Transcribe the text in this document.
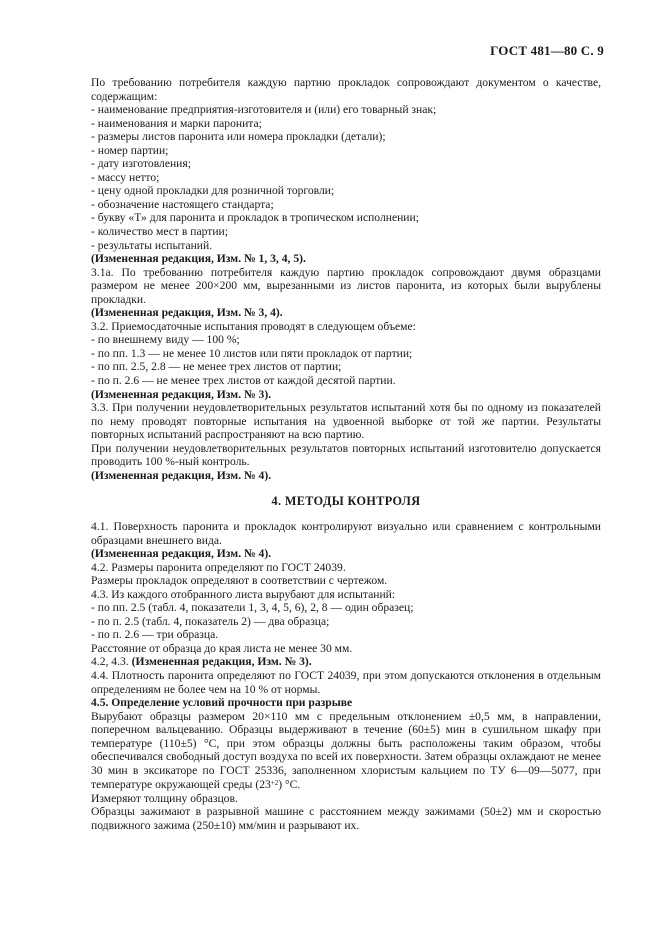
ГОСТ 481—80 С. 9

По требованию потребителя каждую партию прокладок сопровождают документом о качестве, содержащим:

- наименование предприятия-изготовителя и (или) его товарный знак;

- наименования и марки паронита;

- размеры листов паронита или номера прокладки (детали);

- номер партии;

- дату изготовления;

- массу нетто;

- цену одной прокладки для розничной торговли;

- обозначение настоящего стандарта;

- букву «Т» для паронита и прокладок в тропическом исполнении;

- количество мест в партии;

- результаты испытаний.

(Измененная редакция, Изм. № 1, 3, 4, 5).

3.1а. По требованию потребителя каждую партию прокладок сопровождают двумя образцами размером не менее 200×200 мм, вырезанными из листов паронита, из которых были вырублены прокладки.

(Измененная редакция, Изм. № 3, 4).

3.2. Приемосдаточные испытания проводят в следующем объеме:

- по внешнему виду — 100 %;

- по пп. 1.3 — не менее 10 листов или пяти прокладок от партии;

- по пп. 2.5, 2.8 — не менее трех листов от партии;

- по п. 2.6 — не менее трех листов от каждой десятой партии.

(Измененная редакция, Изм. № 3).

3.3. При получении неудовлетворительных результатов испытаний хотя бы по одному из показателей по нему проводят повторные испытания на удвоенной выборке от той же партии. Результаты повторных испытаний распространяют на всю партию.

При получении неудовлетворительных результатов повторных испытаний изготовителю допускается проводить 100 %-ный контроль.

(Измененная редакция, Изм. № 4).

4. МЕТОДЫ КОНТРОЛЯ

4.1. Поверхность паронита и прокладок контролируют визуально или сравнением с контрольными образцами внешнего вида.

(Измененная редакция, Изм. № 4).

4.2. Размеры паронита определяют по ГОСТ 24039.

Размеры прокладок определяют в соответствии с чертежом.

4.3. Из каждого отобранного листа вырубают для испытаний:

- по пп. 2.5 (табл. 4, показатели 1, 3, 4, 5, 6), 2, 8 — один образец;

- по п. 2.5 (табл. 4, показатель 2) — два образца;

- по п. 2.6 — три образца.

Расстояние от образца до края листа не менее 30 мм.

4.2, 4.3. (Измененная редакция, Изм. № 3).

4.4. Плотность паронита определяют по ГОСТ 24039, при этом допускаются отклонения в отдельным определениям не более чем на 10 % от нормы.

4.5. Определение условий прочности при разрыве

Вырубают образцы размером 20×110 мм с предельным отклонением ±0,5 мм, в направлении, поперечном вальцеванию. Образцы выдерживают в течение (60±5) мин в сушильном шкафу при температуре (110±5) °С, при этом образцы должны быть расположены таким образом, чтобы обеспечивался свободный доступ воздуха по всей их поверхности. Затем образцы охлаждают не менее 30 мин в эксикаторе по ГОСТ 25336, заполненном хлористым кальцием по ТУ 6—09—5077, при температуре окружающей среды $(23^{+2})$ °С.

Измеряют толщину образцов.

Образцы зажимают в разрывной машине с расстоянием между зажимами (50±2) мм и скоростью подвижного зажима (250±10) мм/мин и разрывают их.
